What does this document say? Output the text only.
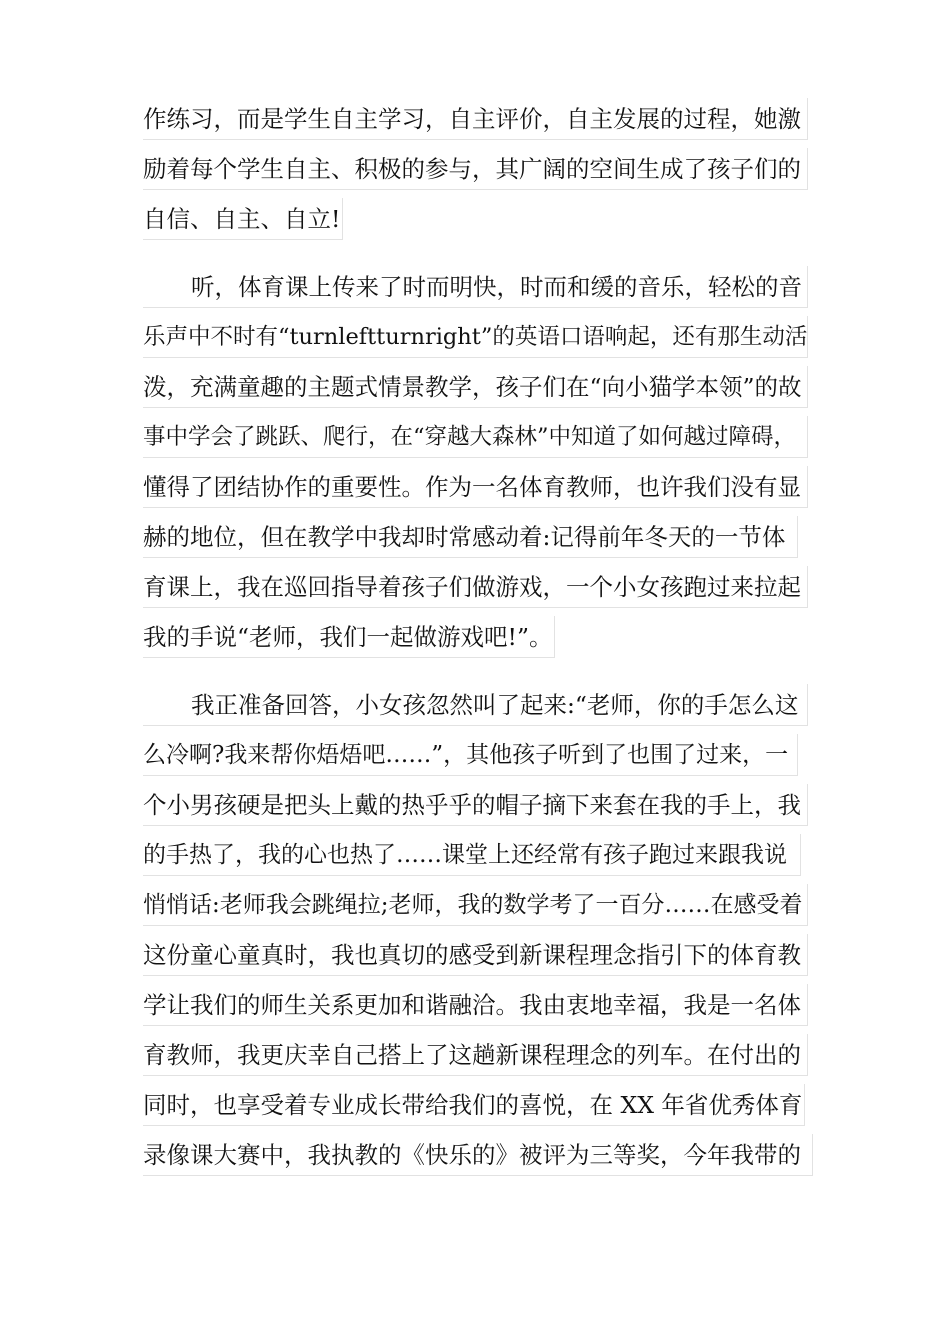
作练习，而是学生自主学习，自主评价，自主发展的过程，她激
励着每个学生自主、积极的参与，其广阔的空间生成了孩子们的
自信、自主、自立!
听，体育课上传来了时而明快，时而和缓的音乐，轻松的音
乐声中不时有“turnleftturnright”的英语口语响起，还有那生动活
泼，充满童趣的主题式情景教学，孩子们在“向小猫学本领”的故
事中学会了跳跃、爬行，在“穿越大森林”中知道了如何越过障碍，
懂得了团结协作的重要性。作为一名体育教师，也许我们没有显
赫的地位，但在教学中我却时常感动着:记得前年冬天的一节体
育课上，我在巡回指导着孩子们做游戏，一个小女孩跑过来拉起
我的手说“老师，我们一起做游戏吧!”。
我正准备回答，小女孩忽然叫了起来:“老师，你的手怎么这
么冷啊?我来帮你焐焐吧……”，其他孩子听到了也围了过来，一
个小男孩硬是把头上戴的热乎乎的帽子摘下来套在我的手上，我
的手热了，我的心也热了……课堂上还经常有孩子跑过来跟我说
悄悄话:老师我会跳绳拉;老师，我的数学考了一百分……在感受着
这份童心童真时，我也真切的感受到新课程理念指引下的体育教
学让我们的师生关系更加和谐融洽。我由衷地幸福，我是一名体
育教师，我更庆幸自己搭上了这趟新课程理念的列车。在付出的
同时，也享受着专业成长带给我们的喜悦，在 XX 年省优秀体育
录像课大赛中，我执教的《快乐的》被评为三等奖，今年我带的
